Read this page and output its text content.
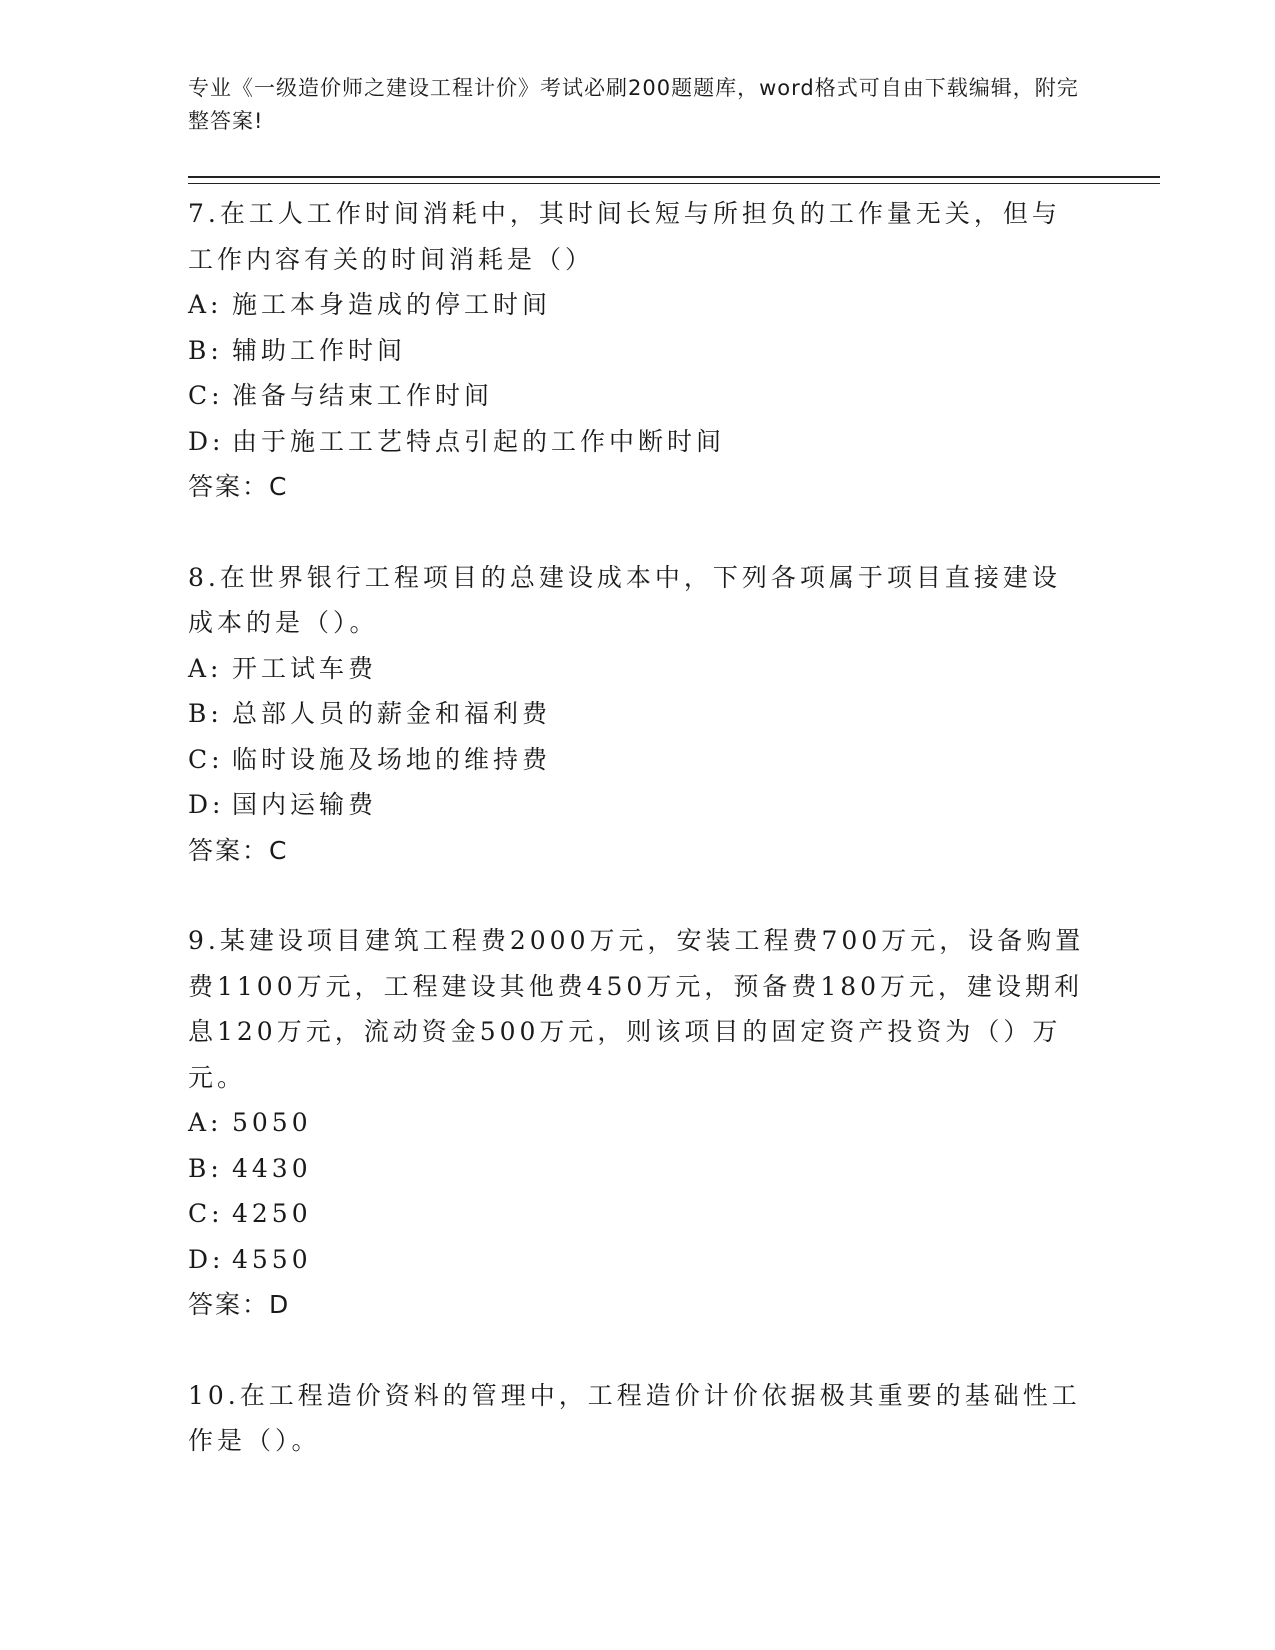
专业《一级造价师之建设工程计价》考试必刷200题题库，word格式可自由下载编辑，附完整答案!

7.在工人工作时间消耗中，其时间长短与所担负的工作量无关，但与工作内容有关的时间消耗是（）

A: 施工本身造成的停工时间

B: 辅助工作时间

C: 准备与结束工作时间

D: 由于施工工艺特点引起的工作中断时间

答案：C

8.在世界银行工程项目的总建设成本中，下列各项属于项目直接建设成本的是（）。

A: 开工试车费

B: 总部人员的薪金和福利费

C: 临时设施及场地的维持费

D: 国内运输费

答案：C

9.某建设项目建筑工程费2000万元，安装工程费700万元，设备购置费1100万元，工程建设其他费450万元，预备费180万元，建设期利息120万元，流动资金500万元，则该项目的固定资产投资为（）万元。

A: 5050

B: 4430

C: 4250

D: 4550

答案：D

10.在工程造价资料的管理中，工程造价计价依据极其重要的基础性工作是（）。
